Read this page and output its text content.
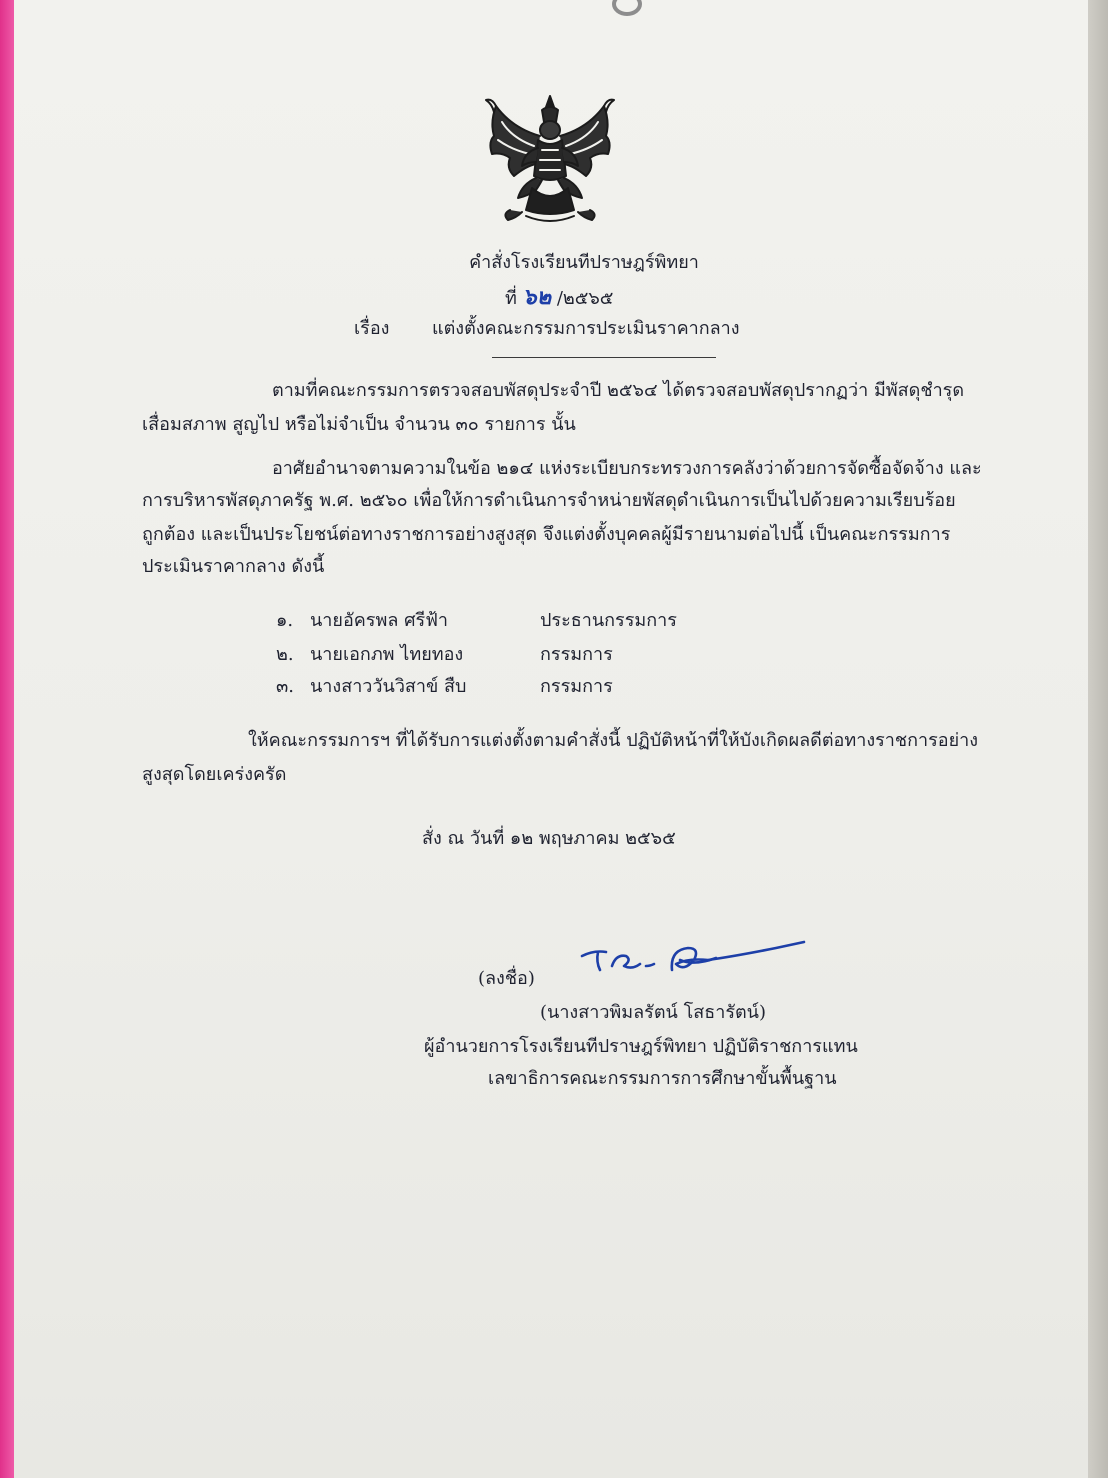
คำสั่งโรงเรียนทีปราษฎร์พิทยา
ที่ ๖๒ /๒๕๖๕
เรื่อง แต่งตั้งคณะกรรมการประเมินราคากลาง
ตามที่คณะกรรมการตรวจสอบพัสดุประจำปี ๒๕๖๔ ได้ตรวจสอบพัสดุปรากฏว่า มีพัสดุชำรุด
เสื่อมสภาพ สูญไป หรือไม่จำเป็น จำนวน ๓๐ รายการ นั้น
อาศัยอำนาจตามความในข้อ ๒๑๔ แห่งระเบียบกระทรวงการคลังว่าด้วยการจัดซื้อจัดจ้าง และ
การบริหารพัสดุภาครัฐ พ.ศ. ๒๕๖๐ เพื่อให้การดำเนินการจำหน่ายพัสดุดำเนินการเป็นไปด้วยความเรียบร้อย
ถูกต้อง และเป็นประโยชน์ต่อทางราชการอย่างสูงสุด จึงแต่งตั้งบุคคลผู้มีรายนามต่อไปนี้ เป็นคณะกรรมการ
ประเมินราคากลาง ดังนี้
๑. นายอัครพล ศรีฟ้า	ประธานกรรมการ
๒. นายเอกภพ ไทยทอง	กรรมการ
๓. นางสาววันวิสาข์ สืบ	กรรมการ
ให้คณะกรรมการฯ ที่ได้รับการแต่งตั้งตามคำสั่งนี้ ปฏิบัติหน้าที่ให้บังเกิดผลดีต่อทางราชการอย่าง
สูงสุดโดยเคร่งครัด
สั่ง ณ วันที่ ๑๒ พฤษภาคม ๒๕๖๕
(ลงชื่อ)
(นางสาวพิมลรัตน์ โสธารัตน์)
ผู้อำนวยการโรงเรียนทีปราษฎร์พิทยา ปฏิบัติราชการแทน
เลขาธิการคณะกรรมการการศึกษาขั้นพื้นฐาน
